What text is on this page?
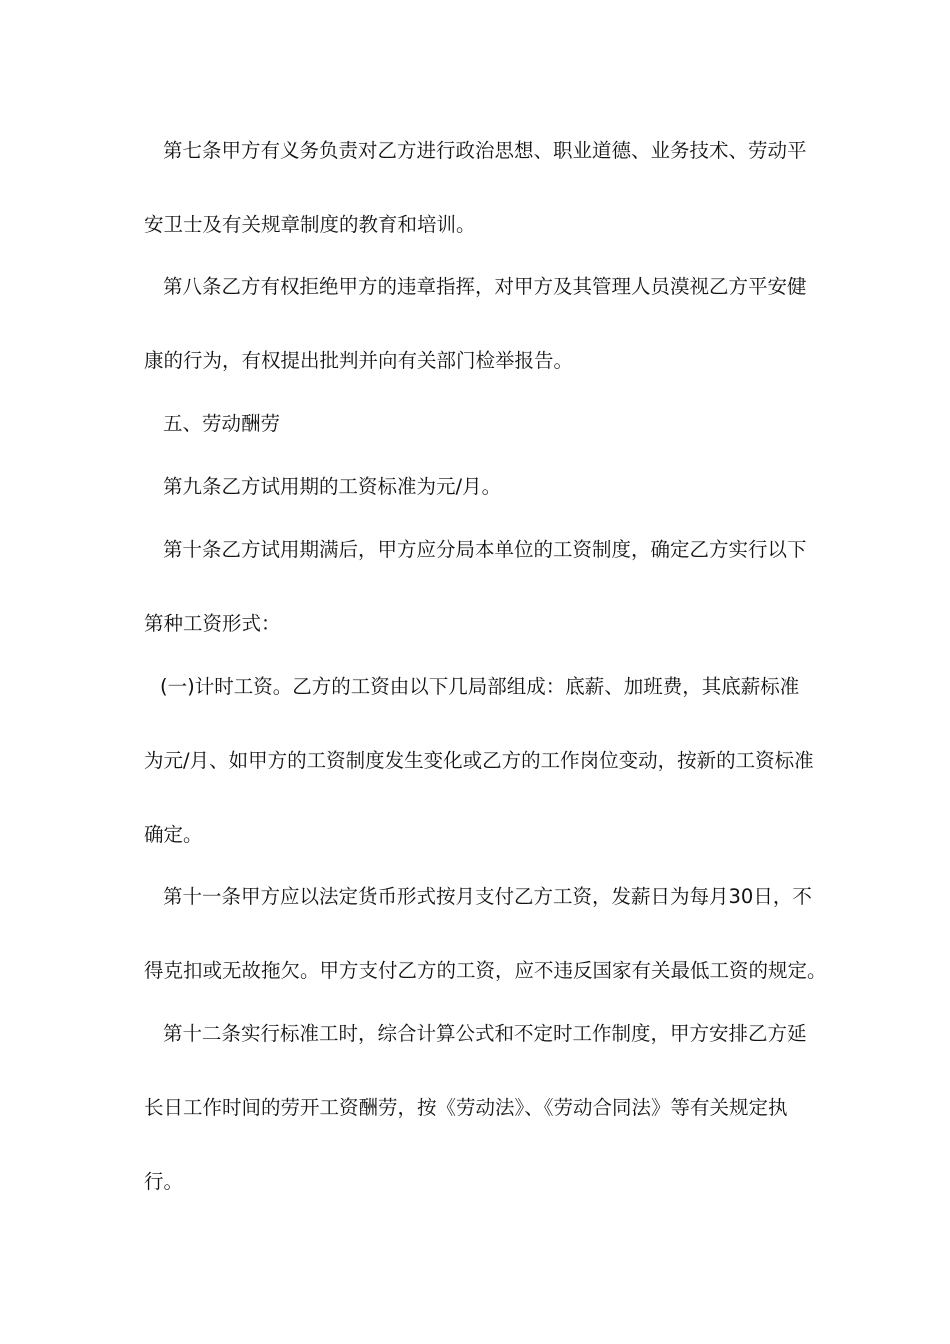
第七条甲方有义务负责对乙方进行政治思想、职业道德、业务技术、劳动平
安卫士及有关规章制度的教育和培训。
第八条乙方有权拒绝甲方的违章指挥，对甲方及其管理人员漠视乙方平安健
康的行为，有权提出批判并向有关部门检举报告。
五、劳动酬劳
第九条乙方试用期的工资标准为元/月。
第十条乙方试用期满后，甲方应分局本单位的工资制度，确定乙方实行以下
第种工资形式：
(一)计时工资。乙方的工资由以下几局部组成：底薪、加班费，其底薪标准
为元/月、如甲方的工资制度发生变化或乙方的工作岗位变动，按新的工资标准
确定。
第十一条甲方应以法定货币形式按月支付乙方工资，发薪日为每月30日，不
得克扣或无故拖欠。甲方支付乙方的工资，应不违反国家有关最低工资的规定。
第十二条实行标准工时，综合计算公式和不定时工作制度，甲方安排乙方延
长日工作时间的劳开工资酬劳，按《劳动法》、《劳动合同法》等有关规定执
行。
